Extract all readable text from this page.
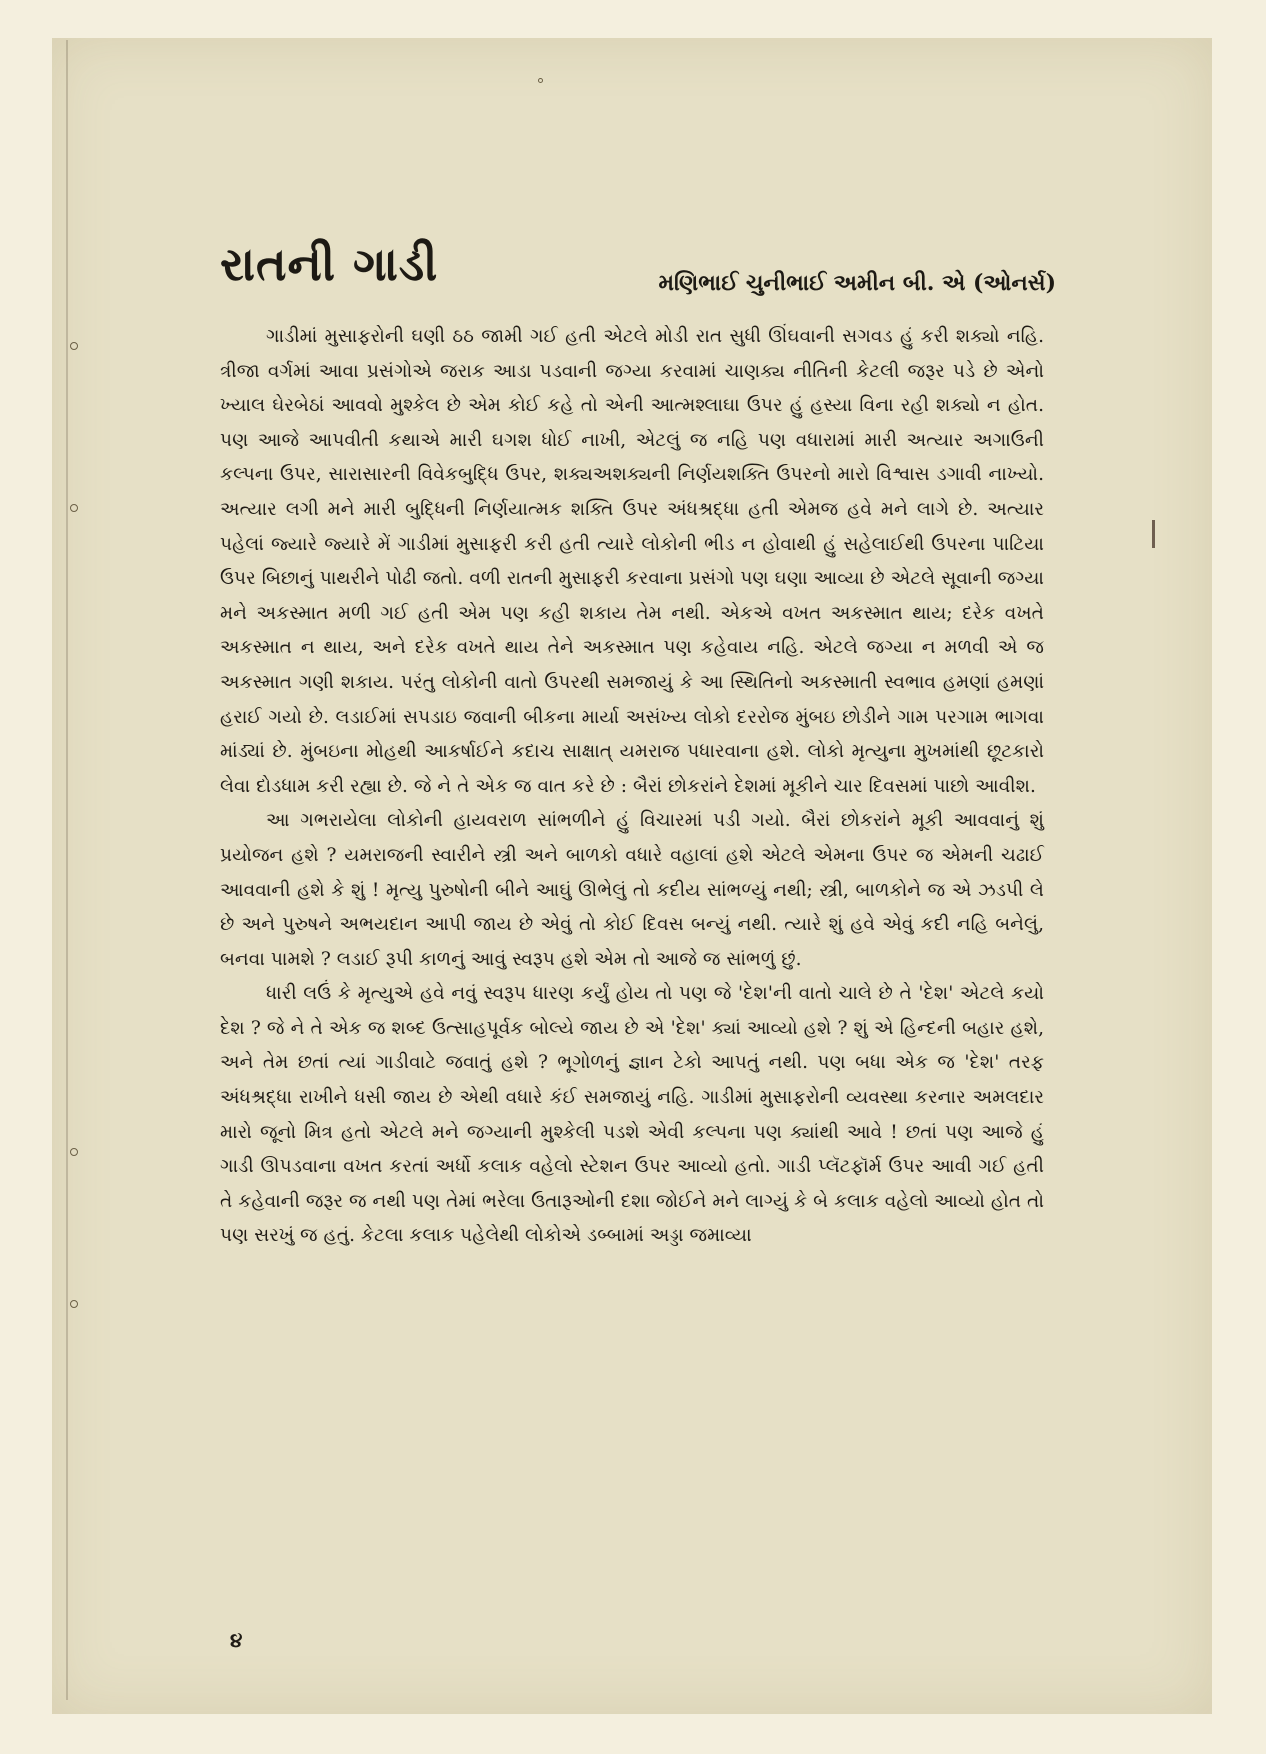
રાતની ગાડી	મણિભાઈ ચુનીભાઈ અમીન બી. એ (ઓનર્સ)

ગાડીમાં મુસાફરોની ઘણી ઠઠ જામી ગઈ હતી એટલે મોડી રાત સુધી ઊંઘવાની સગવડ હું કરી શક્યો નહિ. ત્રીજા વર્ગમાં આવા પ્રસંગોએ જરાક આડા પડવાની જગ્યા કરવામાં ચાણક્ય નીતિની કેટલી જરૂર પડે છે એનો ખ્યાલ ઘેરબેઠાં આવવો મુશ્કેલ છે એમ કોઈ કહે તો એની આત્મશ્લાઘા ઉપર હું હસ્યા વિના રહી શક્યો ન હોત. પણ આજે આપવીતી કથાએ મારી ઘગશ ધોઈ નાખી, એટલું જ નહિ પણ વધારામાં મારી અત્યાર અગાઉની કલ્પના ઉપર, સારાસારની વિવેકબુદ્ધિ ઉપર, શક્યઅશક્યની નિર્ણયશક્તિ ઉપરનો મારો વિશ્વાસ ડગાવી નાખ્યો. અત્યાર લગી મને મારી બુદ્ધિની નિર્ણયાત્મક શક્તિ ઉપર અંધશ્રદ્ધા હતી એમજ હવે મને લાગે છે. અત્યાર પહેલાં જ્યારે જ્યારે મેં ગાડીમાં મુસાફરી કરી હતી ત્યારે લોકોની ભીડ ન હોવાથી હું સહેલાઈથી ઉપરના પાટિયા ઉપર બિછાનું પાથરીને પોઢી જતો. વળી રાતની મુસાફરી કરવાના પ્રસંગો પણ ઘણા આવ્યા છે એટલે સૂવાની જગ્યા મને અકસ્માત મળી ગઈ હતી એમ પણ કહી શકાય તેમ નથી. એકએ વખત અકસ્માત થાય; દરેક વખતે અકસ્માત ન થાય, અને દરેક વખતે થાય તેને અકસ્માત પણ કહેવાય નહિ. એટલે જગ્યા ન મળવી એ જ અકસ્માત ગણી શકાય. પરંતુ લોકોની વાતો ઉપરથી સમજાયું કે આ સ્થિતિનો અકસ્માતી સ્વભાવ હમણાં હમણાં હરાઈ ગયો છે. લડાઈમાં સપડાઇ જવાની બીકના માર્યા અસંખ્ય લોકો દરરોજ મુંબઇ છોડીને ગામ પરગામ ભાગવા માંડ્યાં છે. મુંબઇના મોહથી આકર્ષાઈને કદાચ સાક્ષાત્ યમરાજ પધારવાના હશે. લોકો મૃત્યુના મુખમાંથી છૂટકારો લેવા દોડધામ કરી રહ્યા છે. જે ને તે એક જ વાત કરે છે : બૈરાં છોકરાંને દેશમાં મૂકીને ચાર દિવસમાં પાછો આવીશ.

આ ગભરાયેલા લોકોની હાયવરાળ સાંભળીને હું વિચારમાં પડી ગયો. બૈરાં છોકરાંને મૂકી આવવાનું શું પ્રયોજન હશે ? યમરાજની સ્વારીને સ્ત્રી અને બાળકો વધારે વહાલાં હશે એટલે એમના ઉપર જ એમની ચઢાઈ આવવાની હશે કે શું ! મૃત્યુ પુરુષોની બીને આઘું ઊભેલું તો કદીય સાંભળ્યું નથી; સ્ત્રી, બાળકોને જ એ ઝડપી લે છે અને પુરુષને અભયદાન આપી જાય છે એવું તો કોઈ દિવસ બન્યું નથી. ત્યારે શું હવે એવું કદી નહિ બનેલું, બનવા પામશે ? લડાઈ રૂપી કાળનું આવું સ્વરૂપ હશે એમ તો આજે જ સાંભળું છું.

ધારી લઉં કે મૃત્યુએ હવે નવું સ્વરૂપ ધારણ કર્યું હોય તો પણ જે 'દેશ'ની વાતો ચાલે છે તે 'દેશ' એટલે કયો દેશ ? જે ને તે એક જ શબ્દ ઉત્સાહપૂર્વક બોલ્યે જાય છે એ 'દેશ' ક્યાં આવ્યો હશે ? શું એ હિન્દની બહાર હશે, અને તેમ છતાં ત્યાં ગાડીવાટે જવાતું હશે ? ભૂગોળનું જ્ઞાન ટેકો આપતું નથી. પણ બધા એક જ 'દેશ' તરફ અંધશ્રદ્ધા રાખીને ધસી જાય છે એથી વધારે કંઈ સમજાયું નહિ. ગાડીમાં મુસાફરોની વ્યવસ્થા કરનાર અમલદાર મારો જૂનો મિત્ર હતો એટલે મને જગ્યાની મુશ્કેલી પડશે એવી કલ્પના પણ ક્યાંથી આવે ! છતાં પણ આજે હું ગાડી ઊપડવાના વખત કરતાં અર્ધો કલાક વહેલો સ્ટેશન ઉપર આવ્યો હતો. ગાડી પ્લૅટફૉર્મ ઉપર આવી ગઈ હતી તે કહેવાની જરૂર જ નથી પણ તેમાં ભરેલા ઉતારૂઓની દશા જોઈને મને લાગ્યું કે બે કલાક વહેલો આવ્યો હોત તો પણ સરખું જ હતું. કેટલા કલાક પહેલેથી લોકોએ ડબ્બામાં અડ્ડા જમાવ્યા

૪
